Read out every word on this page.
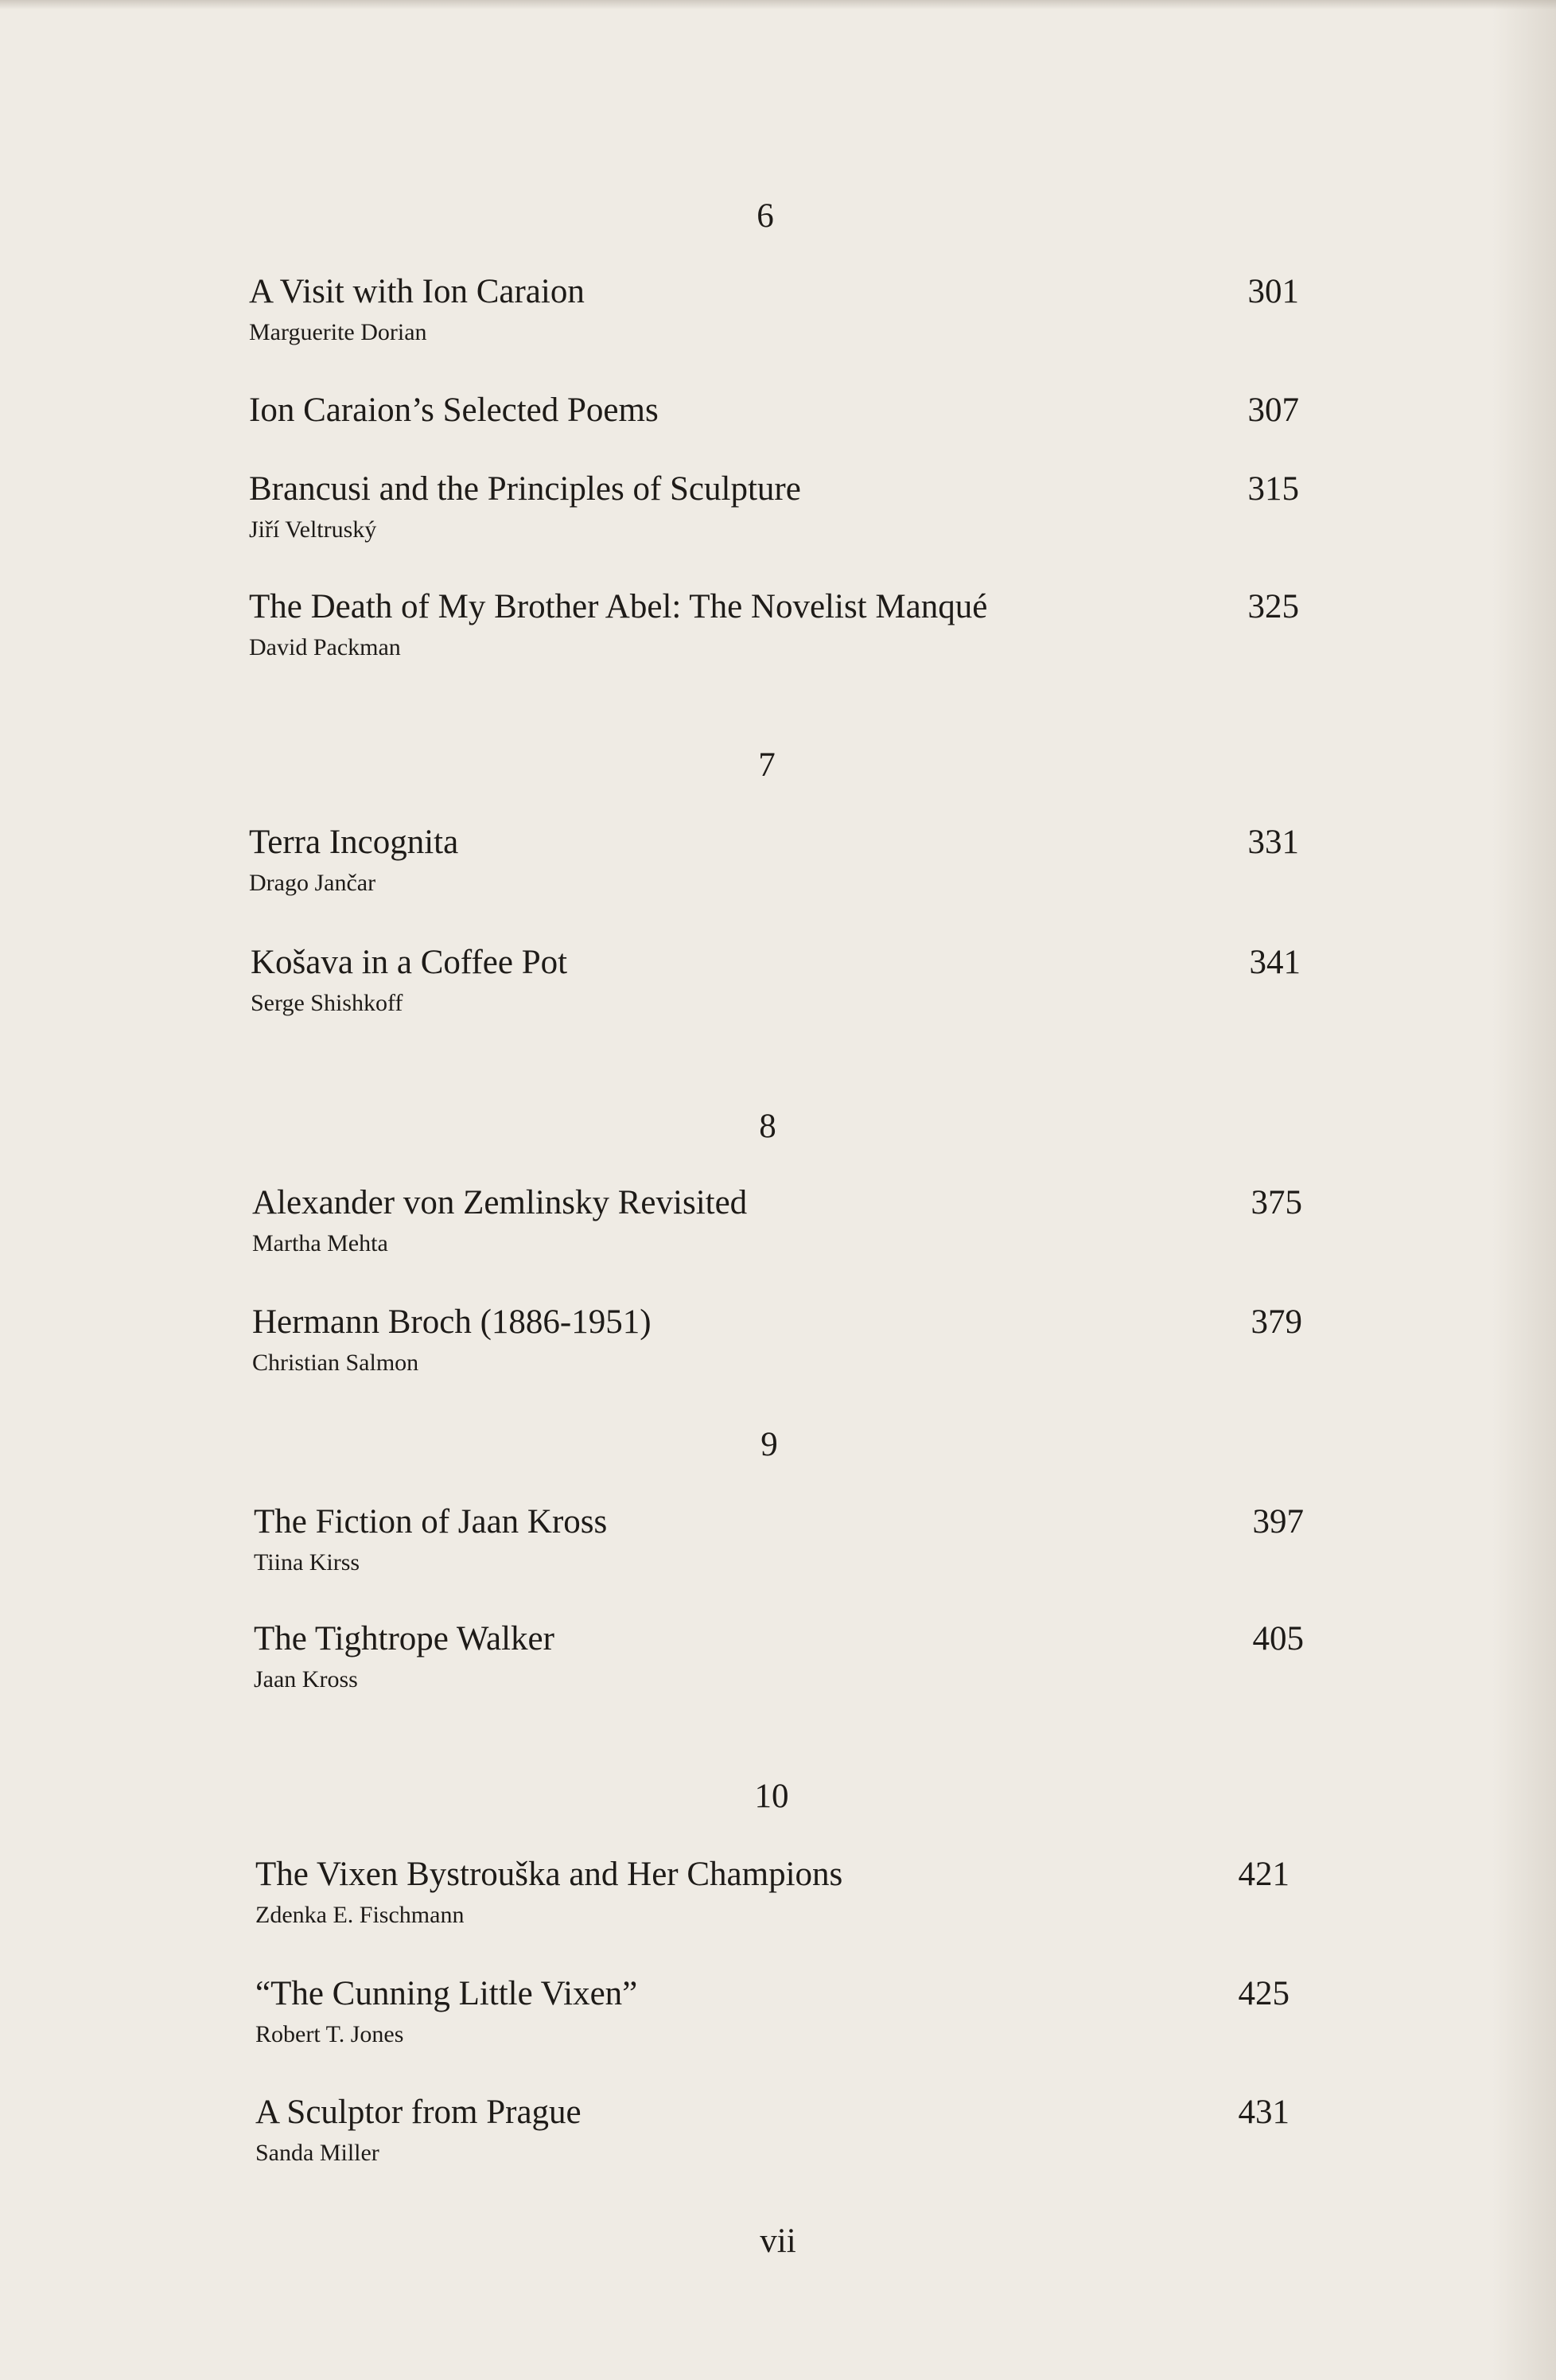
6
A Visit with Ion Caraion
Marguerite Dorian
301
Ion Caraion’s Selected Poems	307
Brancusi and the Principles of Sculpture
Jiří Veltruský
315
The Death of My Brother Abel: The Novelist Manqué
David Packman
325
7
Terra Incognita
Drago Jančar
331
Košava in a Coffee Pot
Serge Shishkoff
341
8
Alexander von Zemlinsky Revisited
Martha Mehta
375
Hermann Broch (1886-1951)
Christian Salmon
379
9
The Fiction of Jaan Kross
Tiina Kirss
397
The Tightrope Walker
Jaan Kross
405
10
The Vixen Bystrouška and Her Champions
Zdenka E. Fischmann
421
“The Cunning Little Vixen”
Robert T. Jones
425
A Sculptor from Prague
Sanda Miller
431
vii
